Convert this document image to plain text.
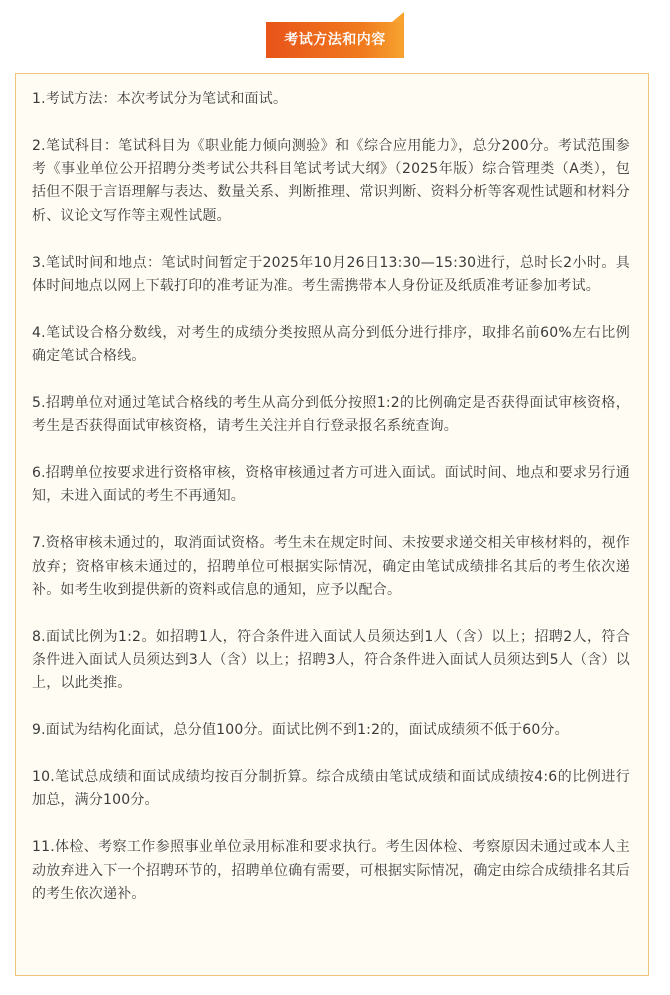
考试方法和内容

1.考试方法：本次考试分为笔试和面试。

2.笔试科目：笔试科目为《职业能力倾向测验》和《综合应用能力》，总分200分。考试范围参考《事业单位公开招聘分类考试公共科目笔试考试大纲》（2025年版）综合管理类（A类），包括但不限于言语理解与表达、数量关系、判断推理、常识判断、资料分析等客观性试题和材料分析、议论文写作等主观性试题。

3.笔试时间和地点：笔试时间暂定于2025年10月26日13:30—15:30进行，总时长2小时。具体时间地点以网上下载打印的准考证为准。考生需携带本人身份证及纸质准考证参加考试。

4.笔试设合格分数线，对考生的成绩分类按照从高分到低分进行排序，取排名前60%左右比例确定笔试合格线。

5.招聘单位对通过笔试合格线的考生从高分到低分按照1:2的比例确定是否获得面试审核资格，考生是否获得面试审核资格，请考生关注并自行登录报名系统查询。

6.招聘单位按要求进行资格审核，资格审核通过者方可进入面试。面试时间、地点和要求另行通知，未进入面试的考生不再通知。

7.资格审核未通过的，取消面试资格。考生未在规定时间、未按要求递交相关审核材料的，视作放弃；资格审核未通过的，招聘单位可根据实际情况，确定由笔试成绩排名其后的考生依次递补。如考生收到提供新的资料或信息的通知，应予以配合。

8.面试比例为1:2。如招聘1人，符合条件进入面试人员须达到1人（含）以上；招聘2人，符合条件进入面试人员须达到3人（含）以上；招聘3人，符合条件进入面试人员须达到5人（含）以上，以此类推。

9.面试为结构化面试，总分值100分。面试比例不到1:2的，面试成绩须不低于60分。

10.笔试总成绩和面试成绩均按百分制折算。综合成绩由笔试成绩和面试成绩按4:6的比例进行加总，满分100分。

11.体检、考察工作参照事业单位录用标准和要求执行。考生因体检、考察原因未通过或本人主动放弃进入下一个招聘环节的，招聘单位确有需要，可根据实际情况，确定由综合成绩排名其后的考生依次递补。
